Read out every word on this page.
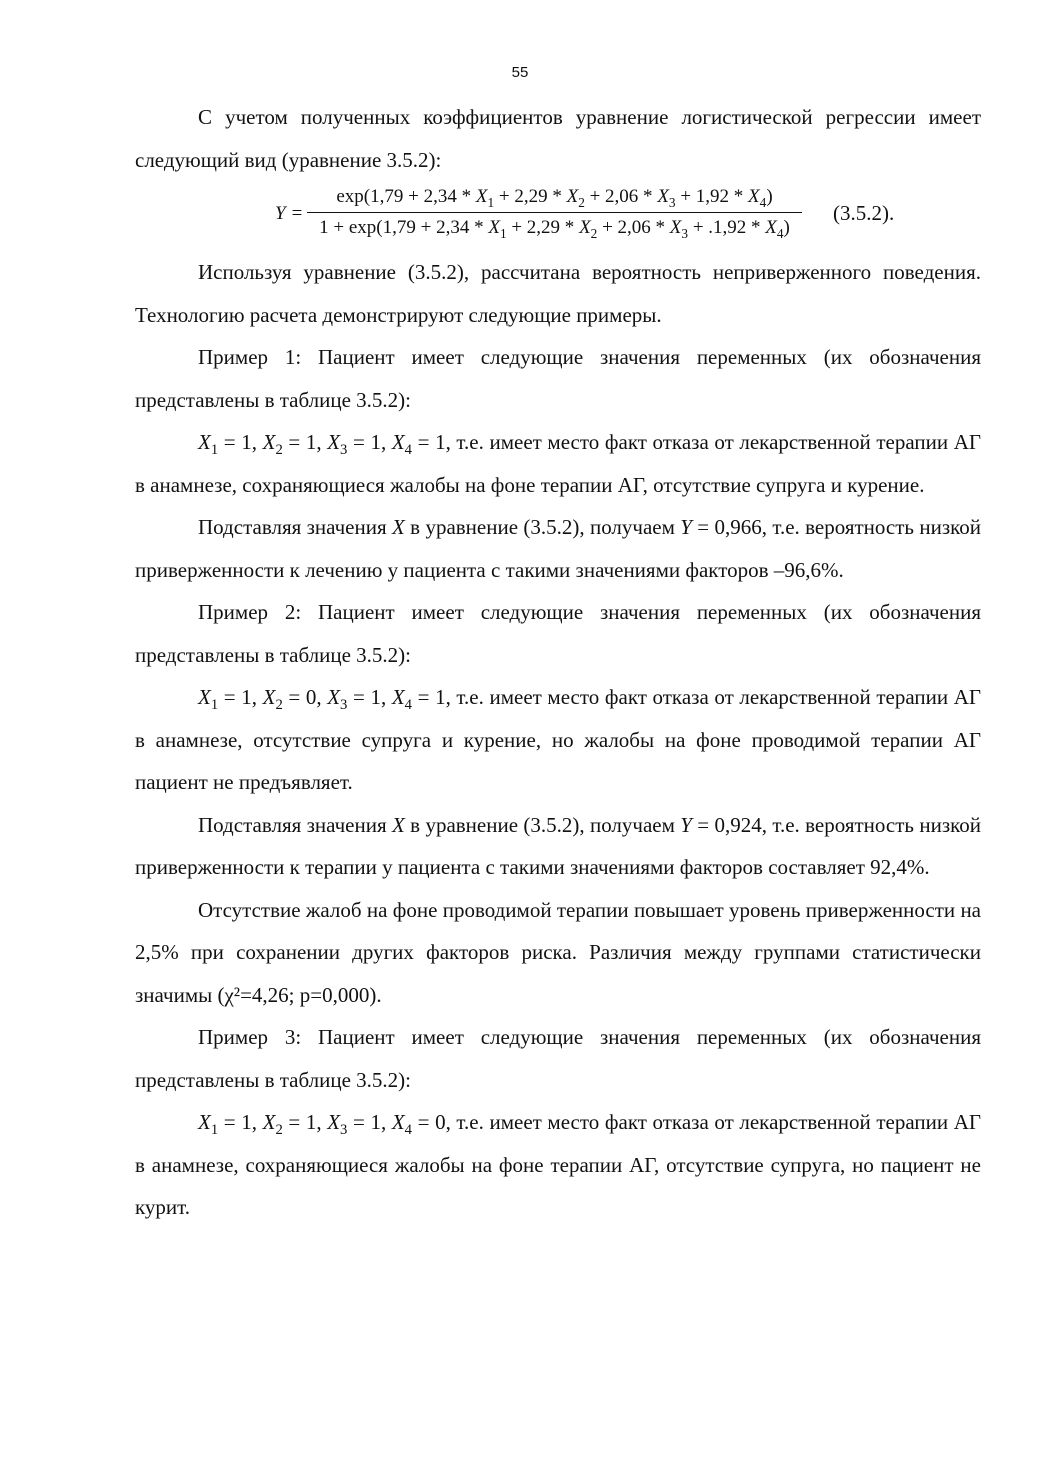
55

С учетом полученных коэффициентов уравнение логистической регрессии имеет следующий вид (уравнение 3.5.2):

Y =
$\exp(1,79 + 2,34 * X_1 + 2,29 * X_2 + 2,06 * X_3 + 1,92 * X_4)$
$1 + \exp(1,79 + 2,34 * X_1 + 2,29 * X_2 + 2,06 * X_3 + .1,92 * X_4)$
(3.5.2).

Используя уравнение (3.5.2), рассчитана вероятность неприверженного поведения. Технологию расчета демонстрируют следующие примеры.

Пример 1: Пациент имеет следующие значения переменных (их обозначения представлены в таблице 3.5.2):

$X_1 = 1$, $X_2 = 1$, $X_3 = 1$, $X_4 = 1$, т.е. имеет место факт отказа от лекарственной терапии АГ в анамнезе, сохраняющиеся жалобы на фоне терапии АГ, отсутствие супруга и курение.

Подставляя значения X в уравнение (3.5.2), получаем Y = 0,966, т.е. вероятность низкой приверженности к лечению у пациента с такими значениями факторов –96,6%.

Пример 2: Пациент имеет следующие значения переменных (их обозначения представлены в таблице 3.5.2):

$X_1 = 1$, $X_2 = 0$, $X_3 = 1$, $X_4 = 1$, т.е. имеет место факт отказа от лекарственной терапии АГ в анамнезе, отсутствие супруга и курение, но жалобы на фоне проводимой терапии АГ пациент не предъявляет.

Подставляя значения X в уравнение (3.5.2), получаем Y = 0,924, т.е. вероятность низкой приверженности к терапии у пациента с такими значениями факторов составляет 92,4%.

Отсутствие жалоб на фоне проводимой терапии повышает уровень приверженности на 2,5% при сохранении других факторов риска. Различия между группами статистически значимы (χ²=4,26; р=0,000).

Пример 3: Пациент имеет следующие значения переменных (их обозначения представлены в таблице 3.5.2):

$X_1 = 1$, $X_2 = 1$, $X_3 = 1$, $X_4 = 0$, т.е. имеет место факт отказа от лекарственной терапии АГ в анамнезе, сохраняющиеся жалобы на фоне терапии АГ, отсутствие супруга, но пациент не курит.
